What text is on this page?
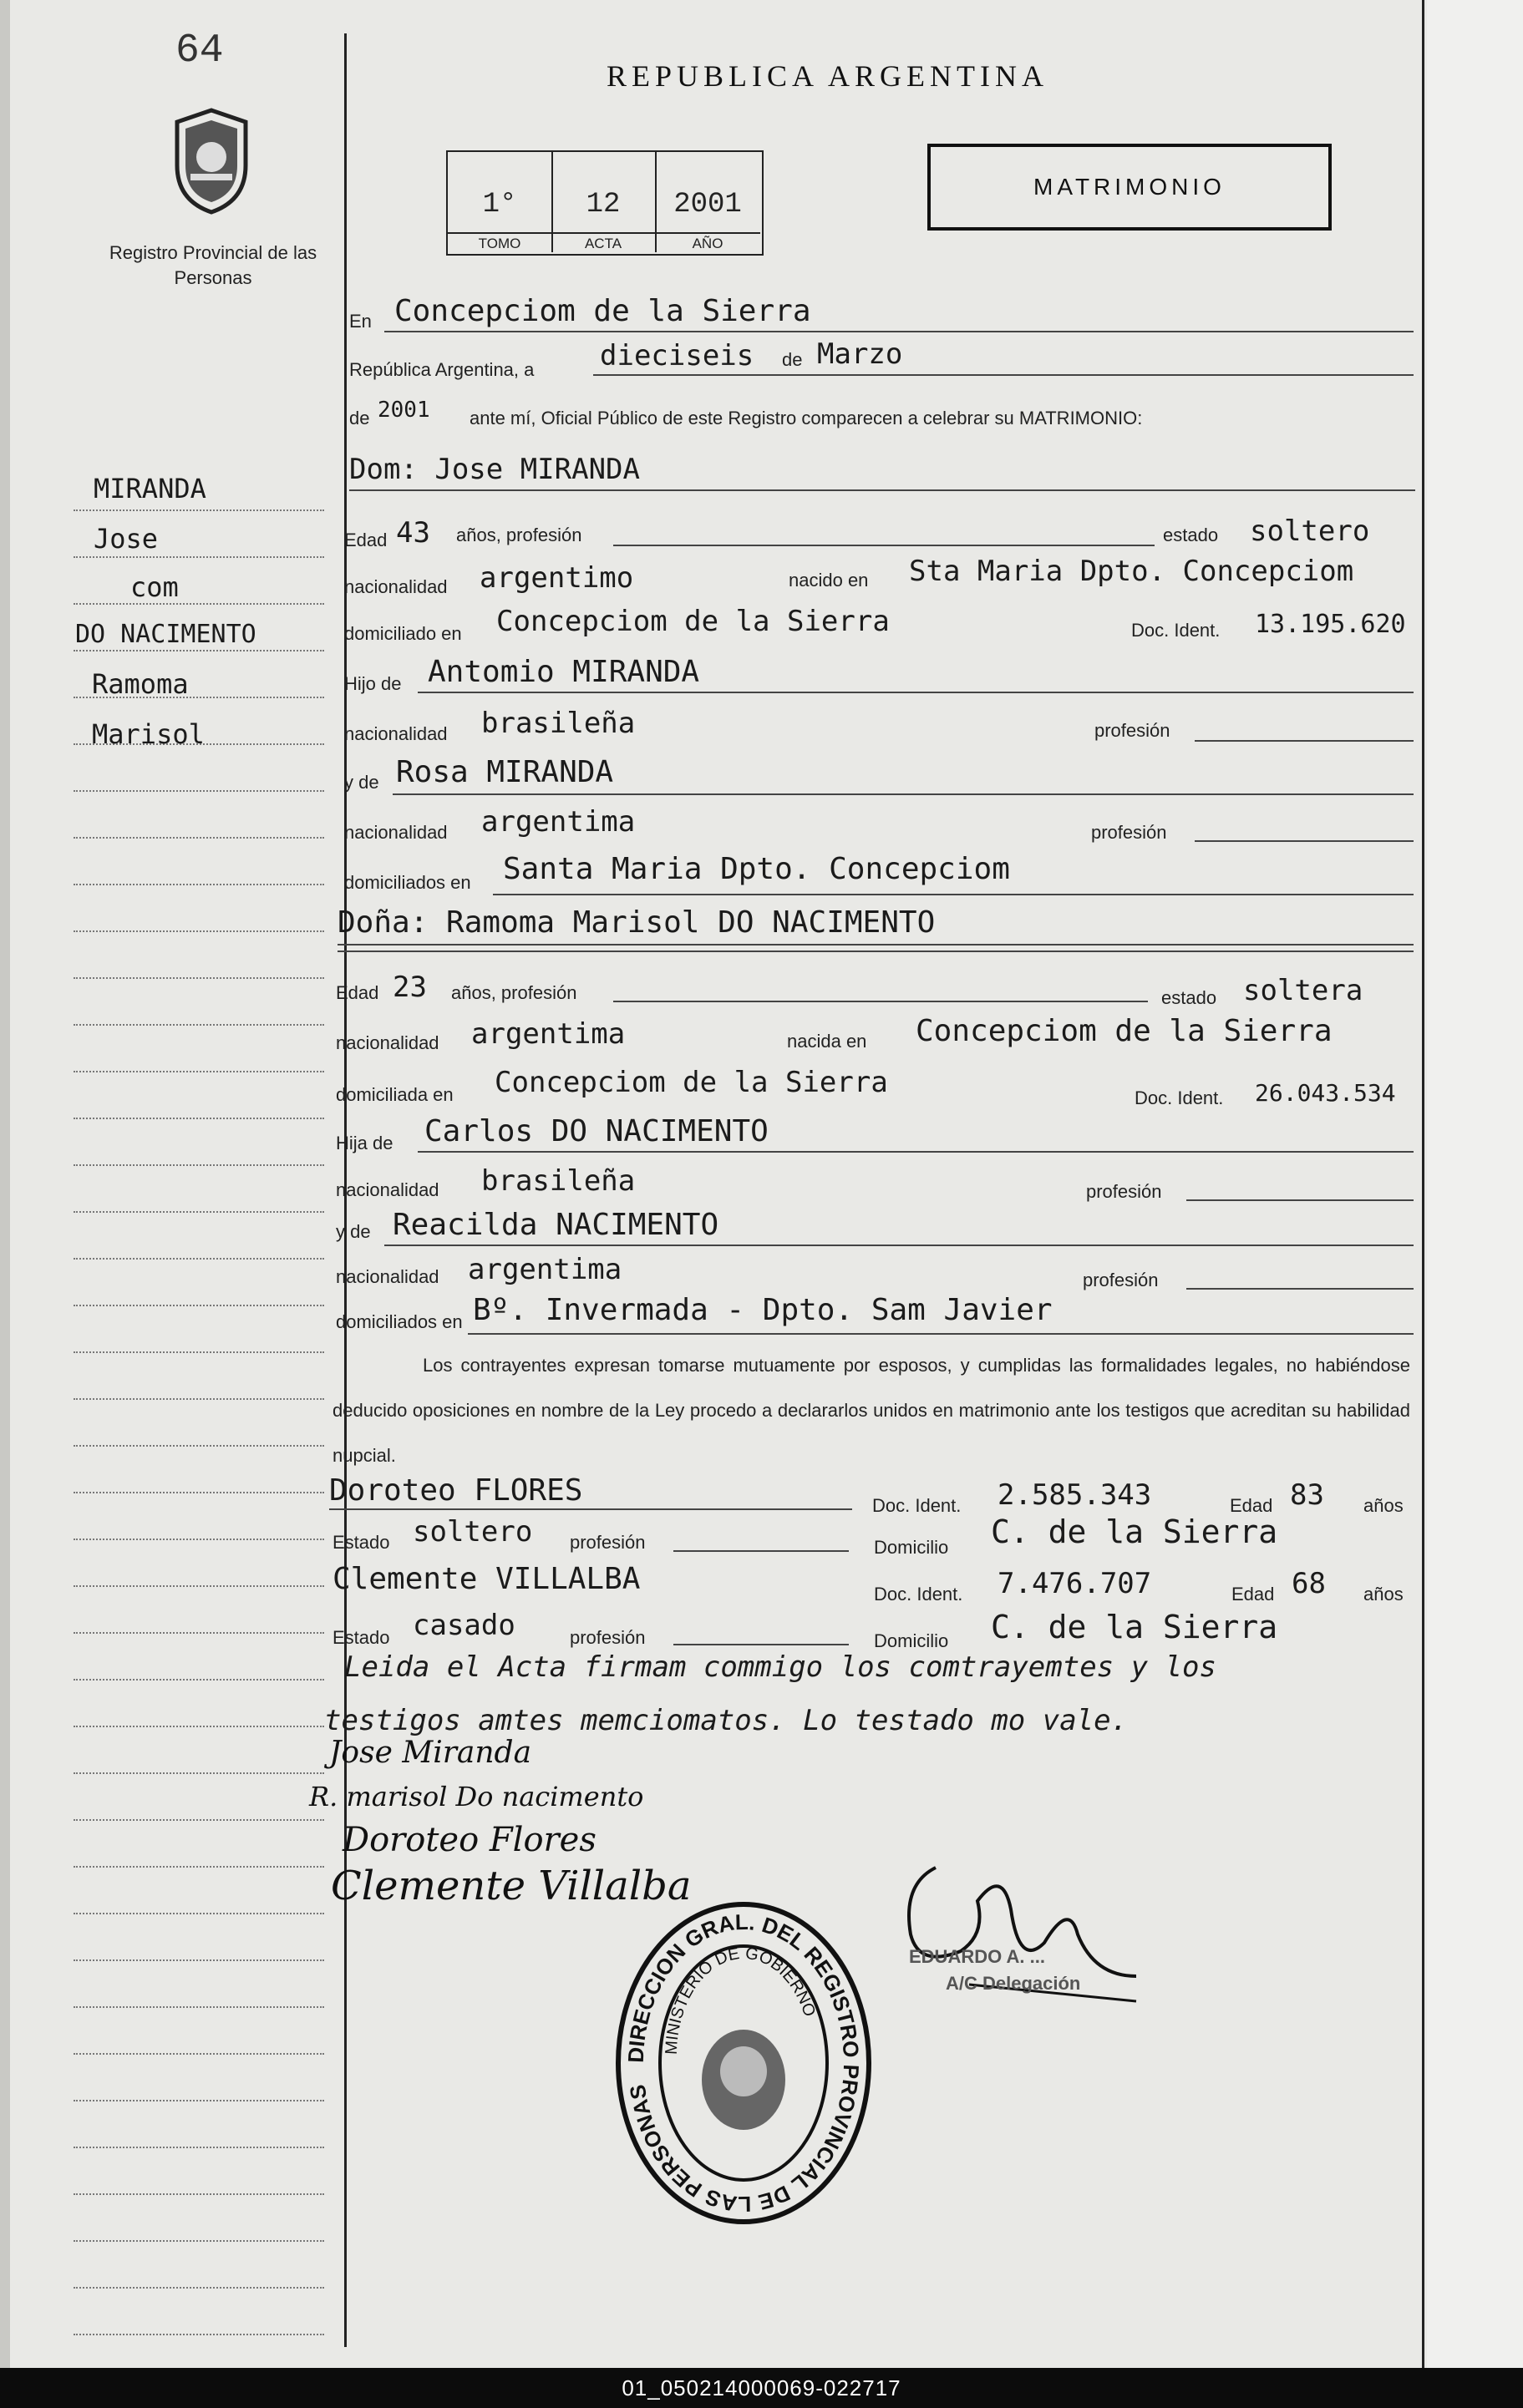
64
Registro Provincial de las Personas
REPUBLICA ARGENTINA
1°
TOMO
12
ACTA
2001
AÑO
MATRIMONIO
MIRANDA
Jose
com
DO NACIMENTO
Ramoma
Marisol
En Concepciom de la Sierra
República Argentina, a dieciseis de Marzo
de 2001 ante mí, Oficial Público de este Registro comparecen a celebrar su MATRIMONIO:
Dom: Jose MIRANDA
Edad 43 años, profesión	estado soltero
nacionalidad argentimo	nacido en Sta Maria Dpto. Concepciom
domiciliado en Concepciom de la Sierra	Doc. Ident. 13.195.620
Hijo de Antomio MIRANDA
nacionalidad brasileña	profesión
y de Rosa MIRANDA
nacionalidad argentima	profesión
domiciliados en Santa Maria Dpto. Concepciom
Doña: Ramoma Marisol DO NACIMENTO
Edad 23 años, profesión	estado soltera
nacionalidad argentima	nacida en Concepciom de la Sierra
domiciliada en Concepciom de la Sierra	Doc. Ident. 26.043.534
Hija de Carlos DO NACIMENTO
nacionalidad brasileña	profesión
y de Reacilda NACIMENTO
nacionalidad argentima	profesión
domiciliados en Bº. Invermada - Dpto. Sam Javier
Los contrayentes expresan tomarse mutuamente por esposos, y cumplidas las formalidades legales, no habiéndose deducido oposiciones en nombre de la Ley procedo a declararlos unidos en matrimonio ante los testigos que acreditan su habilidad nupcial.
Doroteo FLORES	Doc. Ident. 2.585.343	Edad 83 años
Estado soltero profesión	Domicilio C. de la Sierra
Clemente VILLALBA	Doc. Ident. 7.476.707	Edad 68 años
Estado casado	profesión	Domicilio C. de la Sierra
Leida el Acta firmam commigo los comtrayemtes y los
testigos amtes memciomatos. Lo testado mo vale.
Jose Miranda
R. marisol Do nacimento
Doroteo Flores
Clemente Villalba
EDUARDO A. ...
A/C Delegación
DIRECCION GRAL. DEL REGISTRO PROVINCIAL DE LAS PERSONAS
MINISTERIO DE GOBIERNO
01_050214000069-022717
